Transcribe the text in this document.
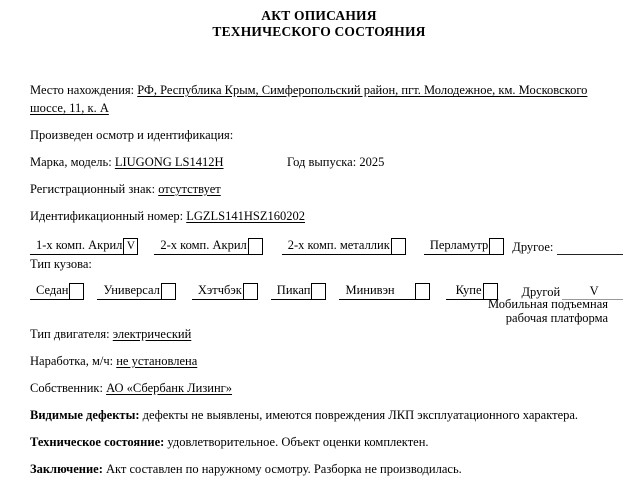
АКТ ОПИСАНИЯ
ТЕХНИЧЕСКОГО СОСТОЯНИЯ

Место нахождения: РФ, Республика Крым, Симферопольский район, пгт. Молодежное, км. Московского шоссе, 11, к. А

Произведен осмотр и идентификация:

Марка, модель: LIUGONG LS1412H	Год выпуска: 2025

Регистрационный знак: отсутствует

Идентификационный номер: LGZLS141HSZ160202

1-х комп. Акрил V	2-х комп. Акрил	2-х комп. металлик	Перламутр Другое:

Тип кузова:

Седан	Универсал	Хэтчбэк	Пикап	Минивэн	Купе	Другой	V
Мобильная подъемная
рабочая платформа

Тип двигателя: электрический

Наработка, м/ч: не установлена

Собственник: АО «Сбербанк Лизинг»

Видимые дефекты: дефекты не выявлены, имеются повреждения ЛКП эксплуатационного характера.

Техническое состояние: удовлетворительное. Объект оценки комплектен.

Заключение: Акт составлен по наружному осмотру. Разборка не производилась.
